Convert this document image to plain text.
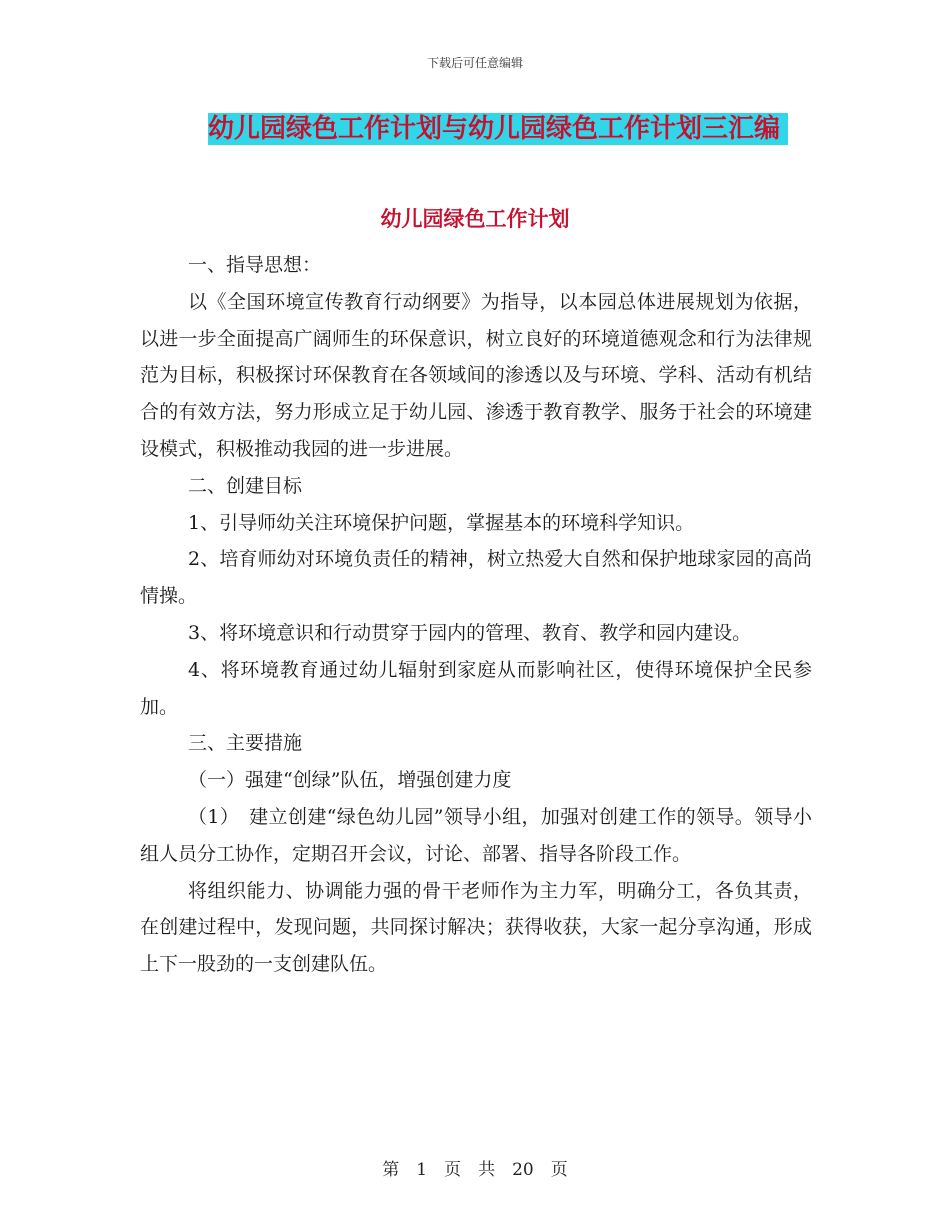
下载后可任意编辑
幼儿园绿色工作计划与幼儿园绿色工作计划三汇编
幼儿园绿色工作计划

一、指导思想：

以《全国环境宣传教育行动纲要》为指导，以本园总体进展规划为依据，以进一步全面提高广阔师生的环保意识，树立良好的环境道德观念和行为法律规范为目标，积极探讨环保教育在各领域间的渗透以及与环境、学科、活动有机结合的有效方法，努力形成立足于幼儿园、渗透于教育教学、服务于社会的环境建设模式，积极推动我园的进一步进展。

二、创建目标

1、引导师幼关注环境保护问题，掌握基本的环境科学知识。

2、培育师幼对环境负责任的精神，树立热爱大自然和保护地球家园的高尚情操。

3、将环境意识和行动贯穿于园内的管理、教育、教学和园内建设。

4、将环境教育通过幼儿辐射到家庭从而影响社区，使得环境保护全民参加。

三、主要措施

（一）强建“创绿”队伍，增强创建力度

（1）　建立创建“绿色幼儿园”领导小组，加强对创建工作的领导。领导小组人员分工协作，定期召开会议，讨论、部署、指导各阶段工作。

将组织能力、协调能力强的骨干老师作为主力军，明确分工，各负其责，在创建过程中，发现问题，共同探讨解决；获得收获，大家一起分享沟通，形成上下一股劲的一支创建队伍。

第　1　页　共　20　页
